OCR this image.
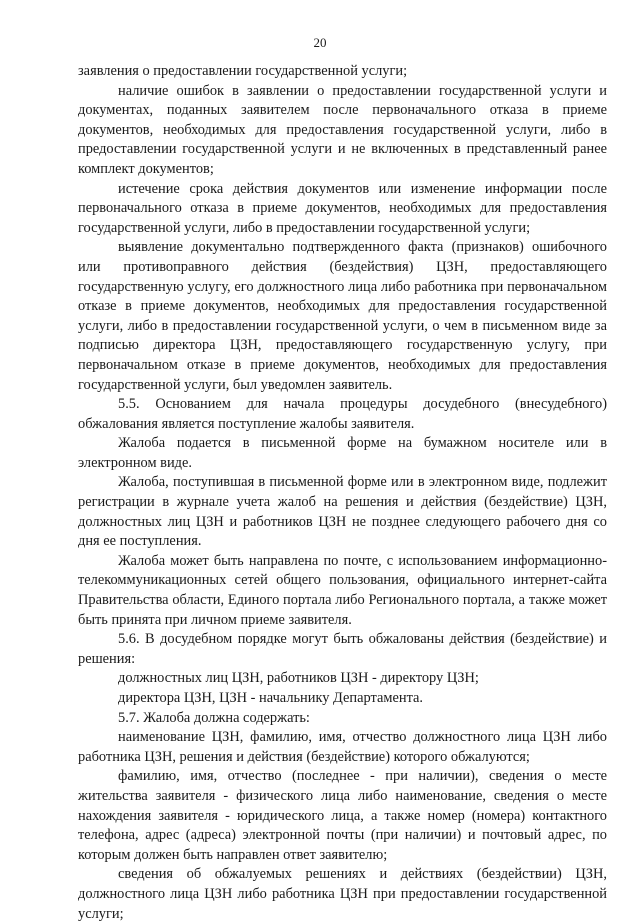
20

заявления о предоставлении государственной услуги;

наличие ошибок в заявлении о предоставлении государственной услуги и документах, поданных заявителем после первоначального отказа в приеме документов, необходимых для предоставления государственной услуги, либо в предоставлении государственной услуги и не включенных в представленный ранее комплект документов;

истечение срока действия документов или изменение информации после первоначального отказа в приеме документов, необходимых для предоставления государственной услуги, либо в предоставлении государственной услуги;

выявление документально подтвержденного факта (признаков) ошибочного или противоправного действия (бездействия) ЦЗН, предоставляющего государственную услугу, его должностного лица либо работника при первоначальном отказе в приеме документов, необходимых для предоставления государственной услуги, либо в предоставлении государственной услуги, о чем в письменном виде за подписью директора ЦЗН, предоставляющего государственную услугу, при первоначальном отказе в приеме документов, необходимых для предоставления государственной услуги, был уведомлен заявитель.

5.5. Основанием для начала процедуры досудебного (внесудебного) обжалования является поступление жалобы заявителя.

Жалоба подается в письменной форме на бумажном носителе или в электронном виде.

Жалоба, поступившая в письменной форме или в электронном виде, подлежит регистрации в журнале учета жалоб на решения и действия (бездействие) ЦЗН, должностных лиц ЦЗН и работников ЦЗН не позднее следующего рабочего дня со дня ее поступления.

Жалоба может быть направлена по почте, с использованием информационно-телекоммуникационных сетей общего пользования, официального интернет-сайта Правительства области, Единого портала либо Регионального портала, а также может быть принята при личном приеме заявителя.

5.6. В досудебном порядке могут быть обжалованы действия (бездействие) и решения:

должностных лиц ЦЗН, работников ЦЗН - директору ЦЗН;

директора ЦЗН, ЦЗН - начальнику Департамента.

5.7. Жалоба должна содержать:

наименование ЦЗН, фамилию, имя, отчество должностного лица ЦЗН либо работника ЦЗН, решения и действия (бездействие) которого обжалуются;

фамилию, имя, отчество (последнее - при наличии), сведения о месте жительства заявителя - физического лица либо наименование, сведения о месте нахождения заявителя - юридического лица, а также номер (номера) контактного телефона, адрес (адреса) электронной почты (при наличии) и почтовый адрес, по которым должен быть направлен ответ заявителю;

сведения об обжалуемых решениях и действиях (бездействии) ЦЗН, должностного лица ЦЗН либо работника ЦЗН при предоставлении государственной услуги;
